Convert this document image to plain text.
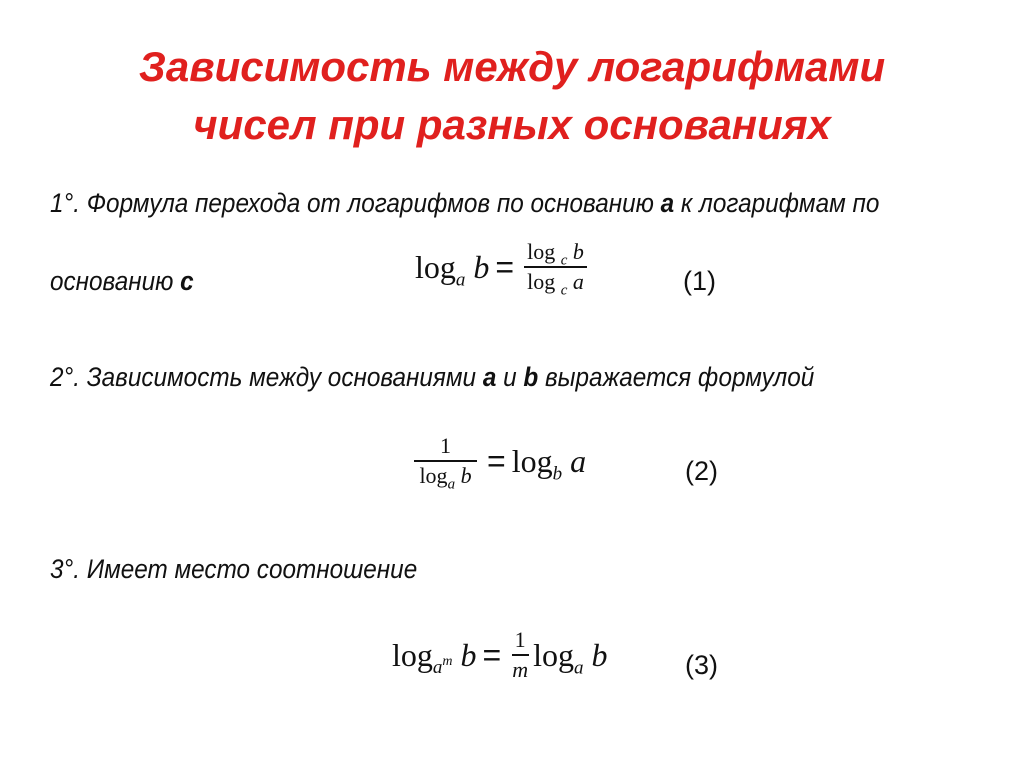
Зависимость между логарифмами
чисел при разных основаниях
1°. Формула перехода от логарифмов по основанию a к логарифмам по
основанию c	$\log_a b = \frac{\log _c b}{\log _c a}$	(1)
2°. Зависимость между основаниями a и b выражается формулой
$\frac{1}{\log_a b} = \log_b a$	(2)
3°. Имеет место соотношение
$\log_{a^m} b = \frac{1}{m} \log_a b$	(3)
